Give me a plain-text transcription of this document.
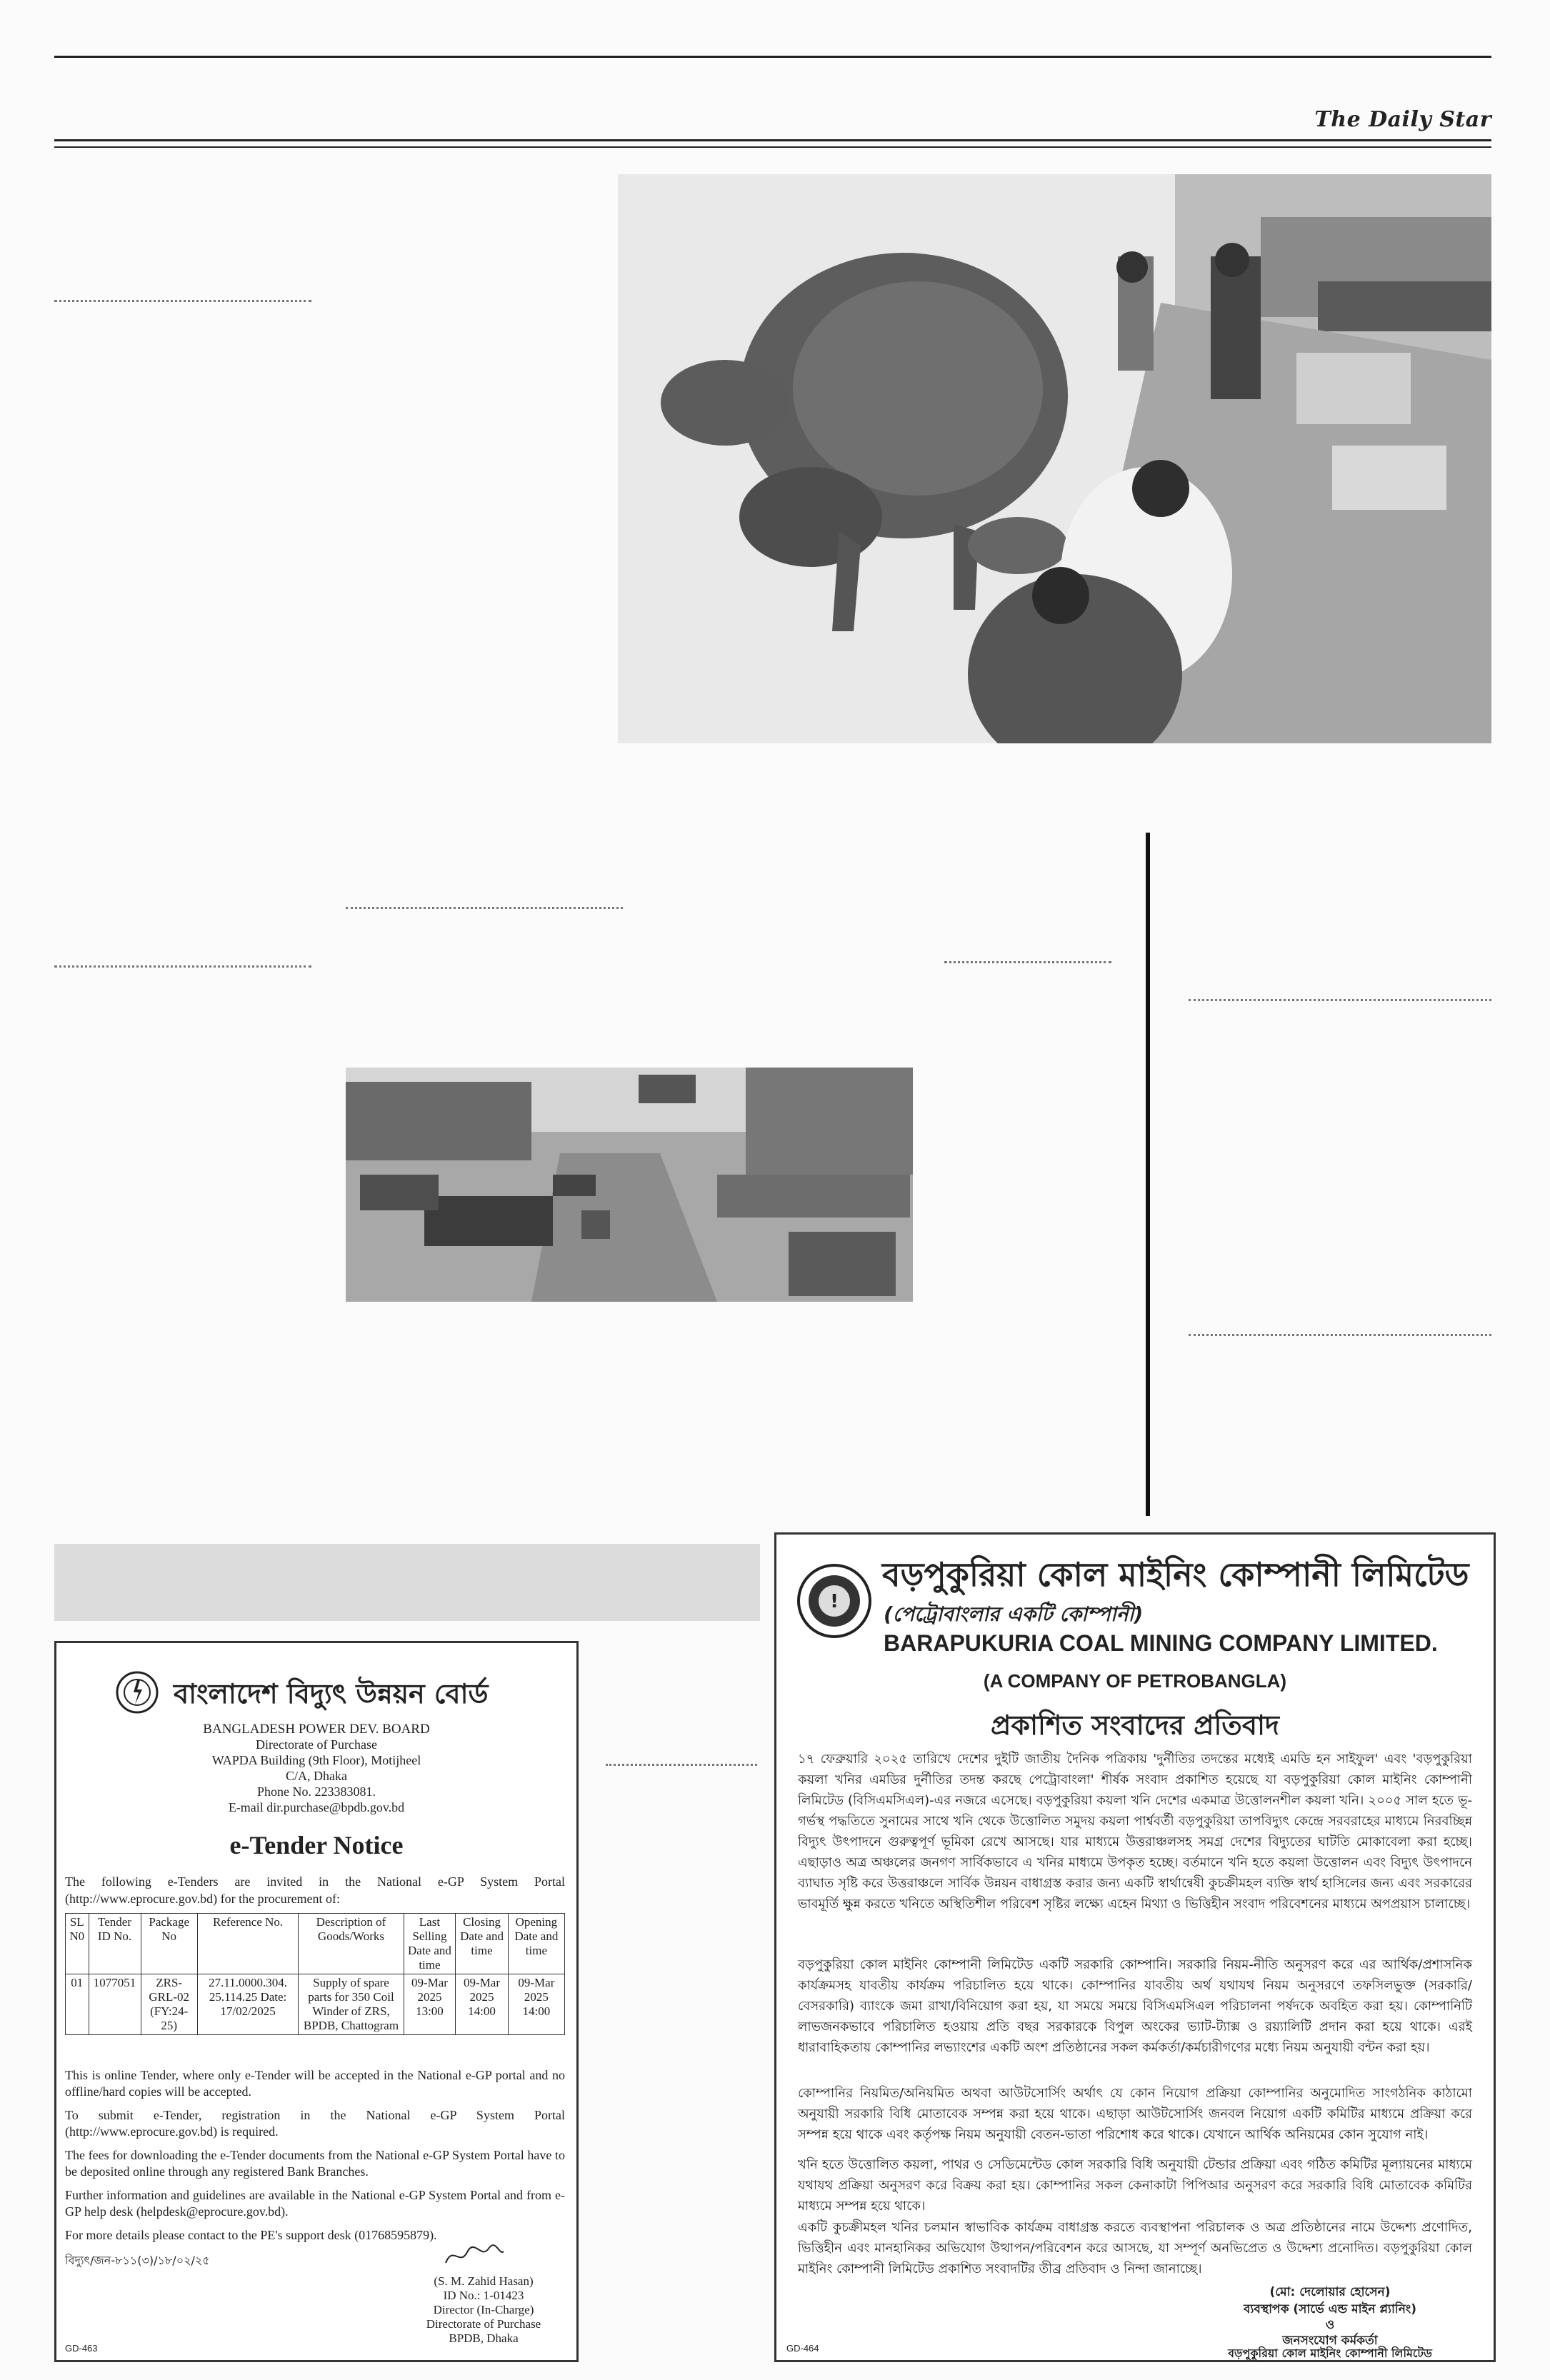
The Daily Star
বাংলাদেশ বিদ্যুৎ উন্নয়ন বোর্ড
BANGLADESH POWER DEV. BOARD
Directorate of Purchase
WAPDA Building (9th Floor), Motijheel
C/A, Dhaka
Phone No. 223383081.
E-mail dir.purchase@bpdb.gov.bd
e-Tender Notice
The following e-Tenders are invited in the National e-GP System Portal (http://www.eprocure.gov.bd) for the procurement of:
SL N0	Tender ID No.	Package No	Reference No.	Description of Goods/Works	Last Selling Date and time	Closing Date and time	Opening Date and time
01	1077051	ZRS-GRL-02 (FY:24-25)	27.11.0000.304. 25.114.25 Date: 17/02/2025	Supply of spare parts for 350 Coil Winder of ZRS, BPDB, Chattogram	09-Mar 2025 13:00	09-Mar 2025 14:00	09-Mar 2025 14:00
This is online Tender, where only e-Tender will be accepted in the National e-GP portal and no offline/hard copies will be accepted.
To submit e-Tender, registration in the National e-GP System Portal (http://www.eprocure.gov.bd) is required.
The fees for downloading the e-Tender documents from the National e-GP System Portal have to be deposited online through any registered Bank Branches.
Further information and guidelines are available in the National e-GP System Portal and from e-GP help desk (helpdesk@eprocure.gov.bd).
For more details please contact to the PE's support desk (01768595879).
বিদ্যুৎ/জন-৮১১(৩)/১৮/০২/২৫
(S. M. Zahid Hasan)
ID No.: 1-01423
Director (In-Charge)
Directorate of Purchase
BPDB, Dhaka
GD-463
!
বড়পুকুরিয়া কোল মাইনিং কোম্পানী লিমিটেড
(পেট্রোবাংলার একটি কোম্পানী)
BARAPUKURIA COAL MINING COMPANY LIMITED.
(A COMPANY OF PETROBANGLA)
প্রকাশিত সংবাদের প্রতিবাদ
১৭ ফেব্রুয়ারি ২০২৫ তারিখে দেশের দুইটি জাতীয় দৈনিক পত্রিকায় 'দুর্নীতির তদন্তের মধ্যেই এমডি হন সাইফুল' এবং 'বড়পুকুরিয়া কয়লা খনির এমডির দুর্নীতির তদন্ত করছে পেট্রোবাংলা' শীর্ষক সংবাদ প্রকাশিত হয়েছে যা বড়পুকুরিয়া কোল মাইনিং কোম্পানী লিমিটেড (বিসিএমসিএল)-এর নজরে এসেছে। বড়পুকুরিয়া কয়লা খনি দেশের একমাত্র উত্তোলনশীল কয়লা খনি। ২০০৫ সাল হতে ভূ-গর্ভস্থ পদ্ধতিতে সুনামের সাথে খনি থেকে উত্তোলিত সমুদয় কয়লা পার্শ্ববর্তী বড়পুকুরিয়া তাপবিদ্যুৎ কেন্দ্রে সরবরাহের মাধ্যমে নিরবচ্ছিন্ন বিদ্যুৎ উৎপাদনে গুরুত্বপূর্ণ ভূমিকা রেখে আসছে। যার মাধ্যমে উত্তরাঞ্চলসহ সমগ্র দেশের বিদ্যুতের ঘাটতি মোকাবেলা করা হচ্ছে। এছাড়াও অত্র অঞ্চলের জনগণ সার্বিকভাবে এ খনির মাধ্যমে উপকৃত হচ্ছে। বর্তমানে খনি হতে কয়লা উত্তোলন এবং বিদ্যুৎ উৎপাদনে ব্যাঘাত সৃষ্টি করে উত্তরাঞ্চলে সার্বিক উন্নয়ন বাধাগ্রস্ত করার জন্য একটি স্বার্থান্বেষী কুচক্রীমহল ব্যক্তি স্বার্থ হাসিলের জন্য এবং সরকারের ভাবমূর্তি ক্ষুন্ন করতে খনিতে অস্থিতিশীল পরিবেশ সৃষ্টির লক্ষ্যে এহেন মিথ্যা ও ভিত্তিহীন সংবাদ পরিবেশনের মাধ্যমে অপপ্রয়াস চালাচ্ছে।
বড়পুকুরিয়া কোল মাইনিং কোম্পানী লিমিটেড একটি সরকারি কোম্পানি। সরকারি নিয়ম-নীতি অনুসরণ করে এর আর্থিক/প্রশাসনিক কার্যক্রমসহ যাবতীয় কার্যক্রম পরিচালিত হয়ে থাকে। কোম্পানির যাবতীয় অর্থ যথাযথ নিয়ম অনুসরণে তফসিলভুক্ত (সরকারি/বেসরকারি) ব্যাংকে জমা রাখা/বিনিয়োগ করা হয়, যা সময়ে সময়ে বিসিএমসিএল পরিচালনা পর্ষদকে অবহিত করা হয়। কোম্পানিটি লাভজনকভাবে পরিচালিত হওয়ায় প্রতি বছর সরকারকে বিপুল অংকের ভ্যাট-ট্যাক্স ও রয়্যালিটি প্রদান করা হয়ে থাকে। এরই ধারাবাহিকতায় কোম্পানির লভ্যাংশের একটি অংশ প্রতিষ্ঠানের সকল কর্মকর্তা/কর্মচারীগণের মধ্যে নিয়ম অনুযায়ী বন্টন করা হয়।
কোম্পানির নিয়মিত/অনিয়মিত অথবা আউটসোর্সিং অর্থাৎ যে কোন নিয়োগ প্রক্রিয়া কোম্পানির অনুমোদিত সাংগঠনিক কাঠামো অনুযায়ী সরকারি বিধি মোতাবেক সম্পন্ন করা হয়ে থাকে। এছাড়া আউটসোর্সিং জনবল নিয়োগ একটি কমিটির মাধ্যমে প্রক্রিয়া করে সম্পন্ন হয়ে থাকে এবং কর্তৃপক্ষ নিয়ম অনুযায়ী বেতন-ভাতা পরিশোধ করে থাকে। যেখানে আর্থিক অনিয়মের কোন সুযোগ নাই।
খনি হতে উত্তোলিত কয়লা, পাথর ও সেডিমেন্টেড কোল সরকারি বিধি অনুযায়ী টেন্ডার প্রক্রিয়া এবং গঠিত কমিটির মূল্যায়নের মাধ্যমে যথাযথ প্রক্রিয়া অনুসরণ করে বিক্রয় করা হয়। কোম্পানির সকল কেনাকাটা পিপিআর অনুসরণ করে সরকারি বিধি মোতাবেক কমিটির মাধ্যমে সম্পন্ন হয়ে থাকে।
একটি কুচক্রীমহল খনির চলমান স্বাভাবিক কার্যক্রম বাধাগ্রস্ত করতে ব্যবস্থাপনা পরিচালক ও অত্র প্রতিষ্ঠানের নামে উদ্দেশ্য প্রণোদিত, ভিত্তিহীন এবং মানহানিকর অভিযোগ উত্থাপন/পরিবেশন করে আসছে, যা সম্পূর্ণ অনভিপ্রেত ও উদ্দেশ্য প্রনোদিত। বড়পুকুরিয়া কোল মাইনিং কোম্পানী লিমিটেড প্রকাশিত সংবাদটির তীব্র প্রতিবাদ ও নিন্দা জানাচ্ছে।
(মো: দেলোয়ার হোসেন)
ব্যবস্থাপক (সার্ভে এন্ড মাইন প্ল্যানিং)
ও
জনসংযোগ কর্মকর্তা
বড়পুকুরিয়া কোল মাইনিং কোম্পানী লিমিটেড
GD-464
